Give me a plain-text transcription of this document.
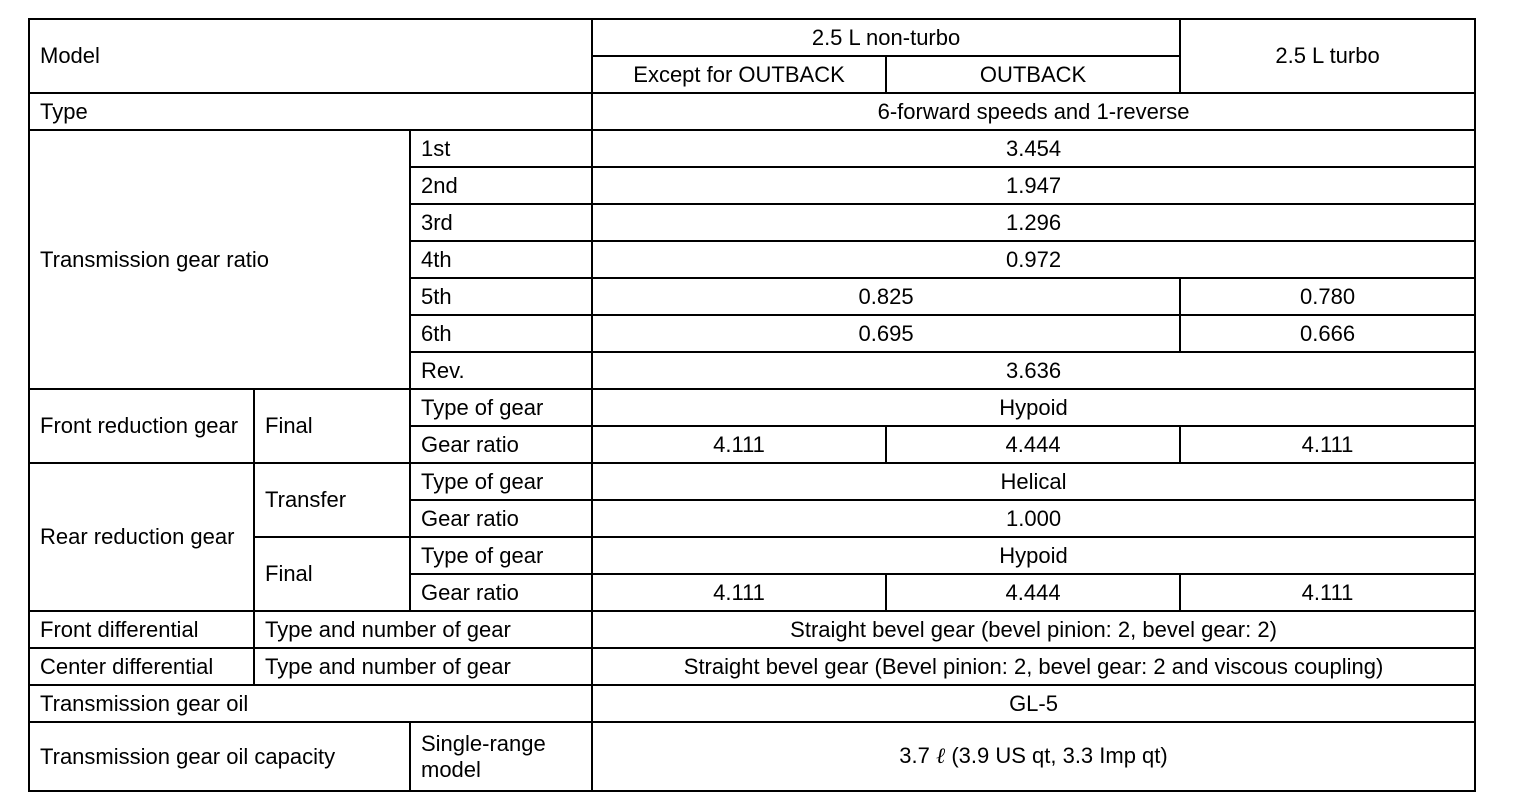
Model			2.5 L non-turbo		2.5 L turbo
			Except for OUTBACK	OUTBACK	
Type			6-forward speeds and 1-reverse		
Transmission gear ratio		1st	3.454		
		2nd	1.947		
		3rd	1.296		
		4th	0.972		
		5th	0.825		0.780
		6th	0.695		0.666
		Rev.	3.636		
Front reduction gear	Final	Type of gear	Hypoid		
		Gear ratio	4.111	4.444	4.111
Rear reduction gear	Transfer	Type of gear	Helical		
		Gear ratio	1.000		
	Final	Type of gear	Hypoid		
		Gear ratio	4.111	4.444	4.111
Front differential	Type and number of gear		Straight bevel gear (bevel pinion: 2, bevel gear: 2)		
Center differential	Type and number of gear		Straight bevel gear (Bevel pinion: 2, bevel gear: 2 and viscous coupling)		
Transmission gear oil			GL-5		
Transmission gear oil capacity		Single-range model	3.7 ℓ (3.9 US qt, 3.3 Imp qt)		
